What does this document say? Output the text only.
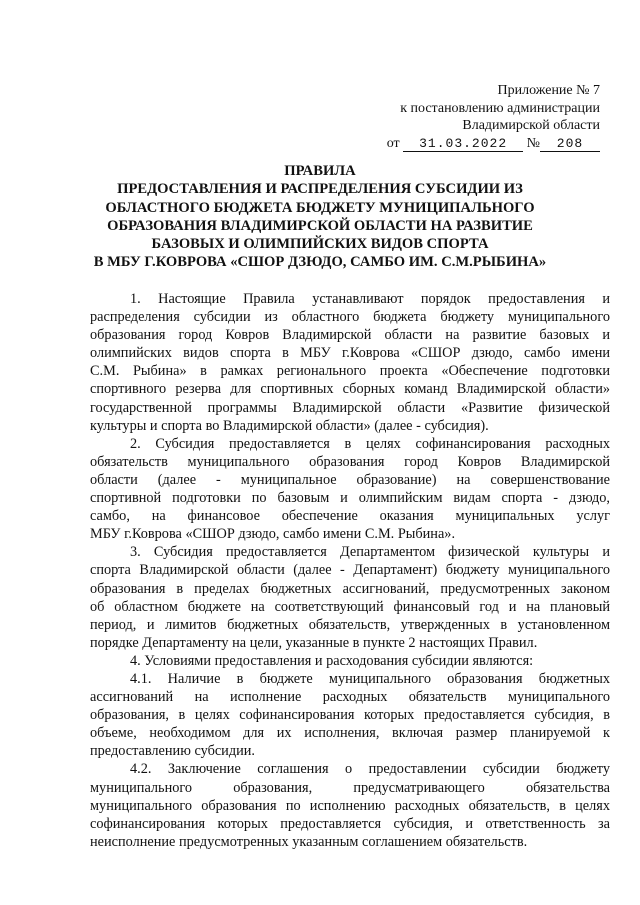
Приложение № 7
к постановлению администрации
Владимирской области
от 31.03.2022 № 208
ПРАВИЛА
ПРЕДОСТАВЛЕНИЯ И РАСПРЕДЕЛЕНИЯ СУБСИДИИ ИЗ
ОБЛАСТНОГО БЮДЖЕТА БЮДЖЕТУ МУНИЦИПАЛЬНОГО
ОБРАЗОВАНИЯ ВЛАДИМИРСКОЙ ОБЛАСТИ НА РАЗВИТИЕ
БАЗОВЫХ И ОЛИМПИЙСКИХ ВИДОВ СПОРТА
В МБУ Г.КОВРОВА «СШОР ДЗЮДО, САМБО ИМ. С.М.РЫБИНА»
1. Настоящие Правила устанавливают порядок предоставления и
распределения субсидии из областного бюджета бюджету муниципального
образования город Ковров Владимирской области на развитие базовых и
олимпийских видов спорта в МБУ г.Коврова «СШОР дзюдо, самбо имени
С.М. Рыбина» в рамках регионального проекта «Обеспечение подготовки
спортивного резерва для спортивных сборных команд Владимирской области»
государственной программы Владимирской области «Развитие физической
культуры и спорта во Владимирской области» (далее - субсидия).
2. Субсидия предоставляется в целях софинансирования расходных
обязательств муниципального образования город Ковров Владимирской
области (далее - муниципальное образование) на совершенствование
спортивной подготовки по базовым и олимпийским видам спорта - дзюдо,
самбо, на финансовое обеспечение оказания муниципальных услуг
МБУ г.Коврова «СШОР дзюдо, самбо имени С.М. Рыбина».
3. Субсидия предоставляется Департаментом физической культуры и
спорта Владимирской области (далее - Департамент) бюджету муниципального
образования в пределах бюджетных ассигнований, предусмотренных законом
об областном бюджете на соответствующий финансовый год и на плановый
период, и лимитов бюджетных обязательств, утвержденных в установленном
порядке Департаменту на цели, указанные в пункте 2 настоящих Правил.
4. Условиями предоставления и расходования субсидии являются:
4.1. Наличие в бюджете муниципального образования бюджетных
ассигнований на исполнение расходных обязательств муниципального
образования, в целях софинансирования которых предоставляется субсидия, в
объеме, необходимом для их исполнения, включая размер планируемой к
предоставлению субсидии.
4.2. Заключение соглашения о предоставлении субсидии бюджету
муниципального образования, предусматривающего обязательства
муниципального образования по исполнению расходных обязательств, в целях
софинансирования которых предоставляется субсидия, и ответственность за
неисполнение предусмотренных указанным соглашением обязательств.
